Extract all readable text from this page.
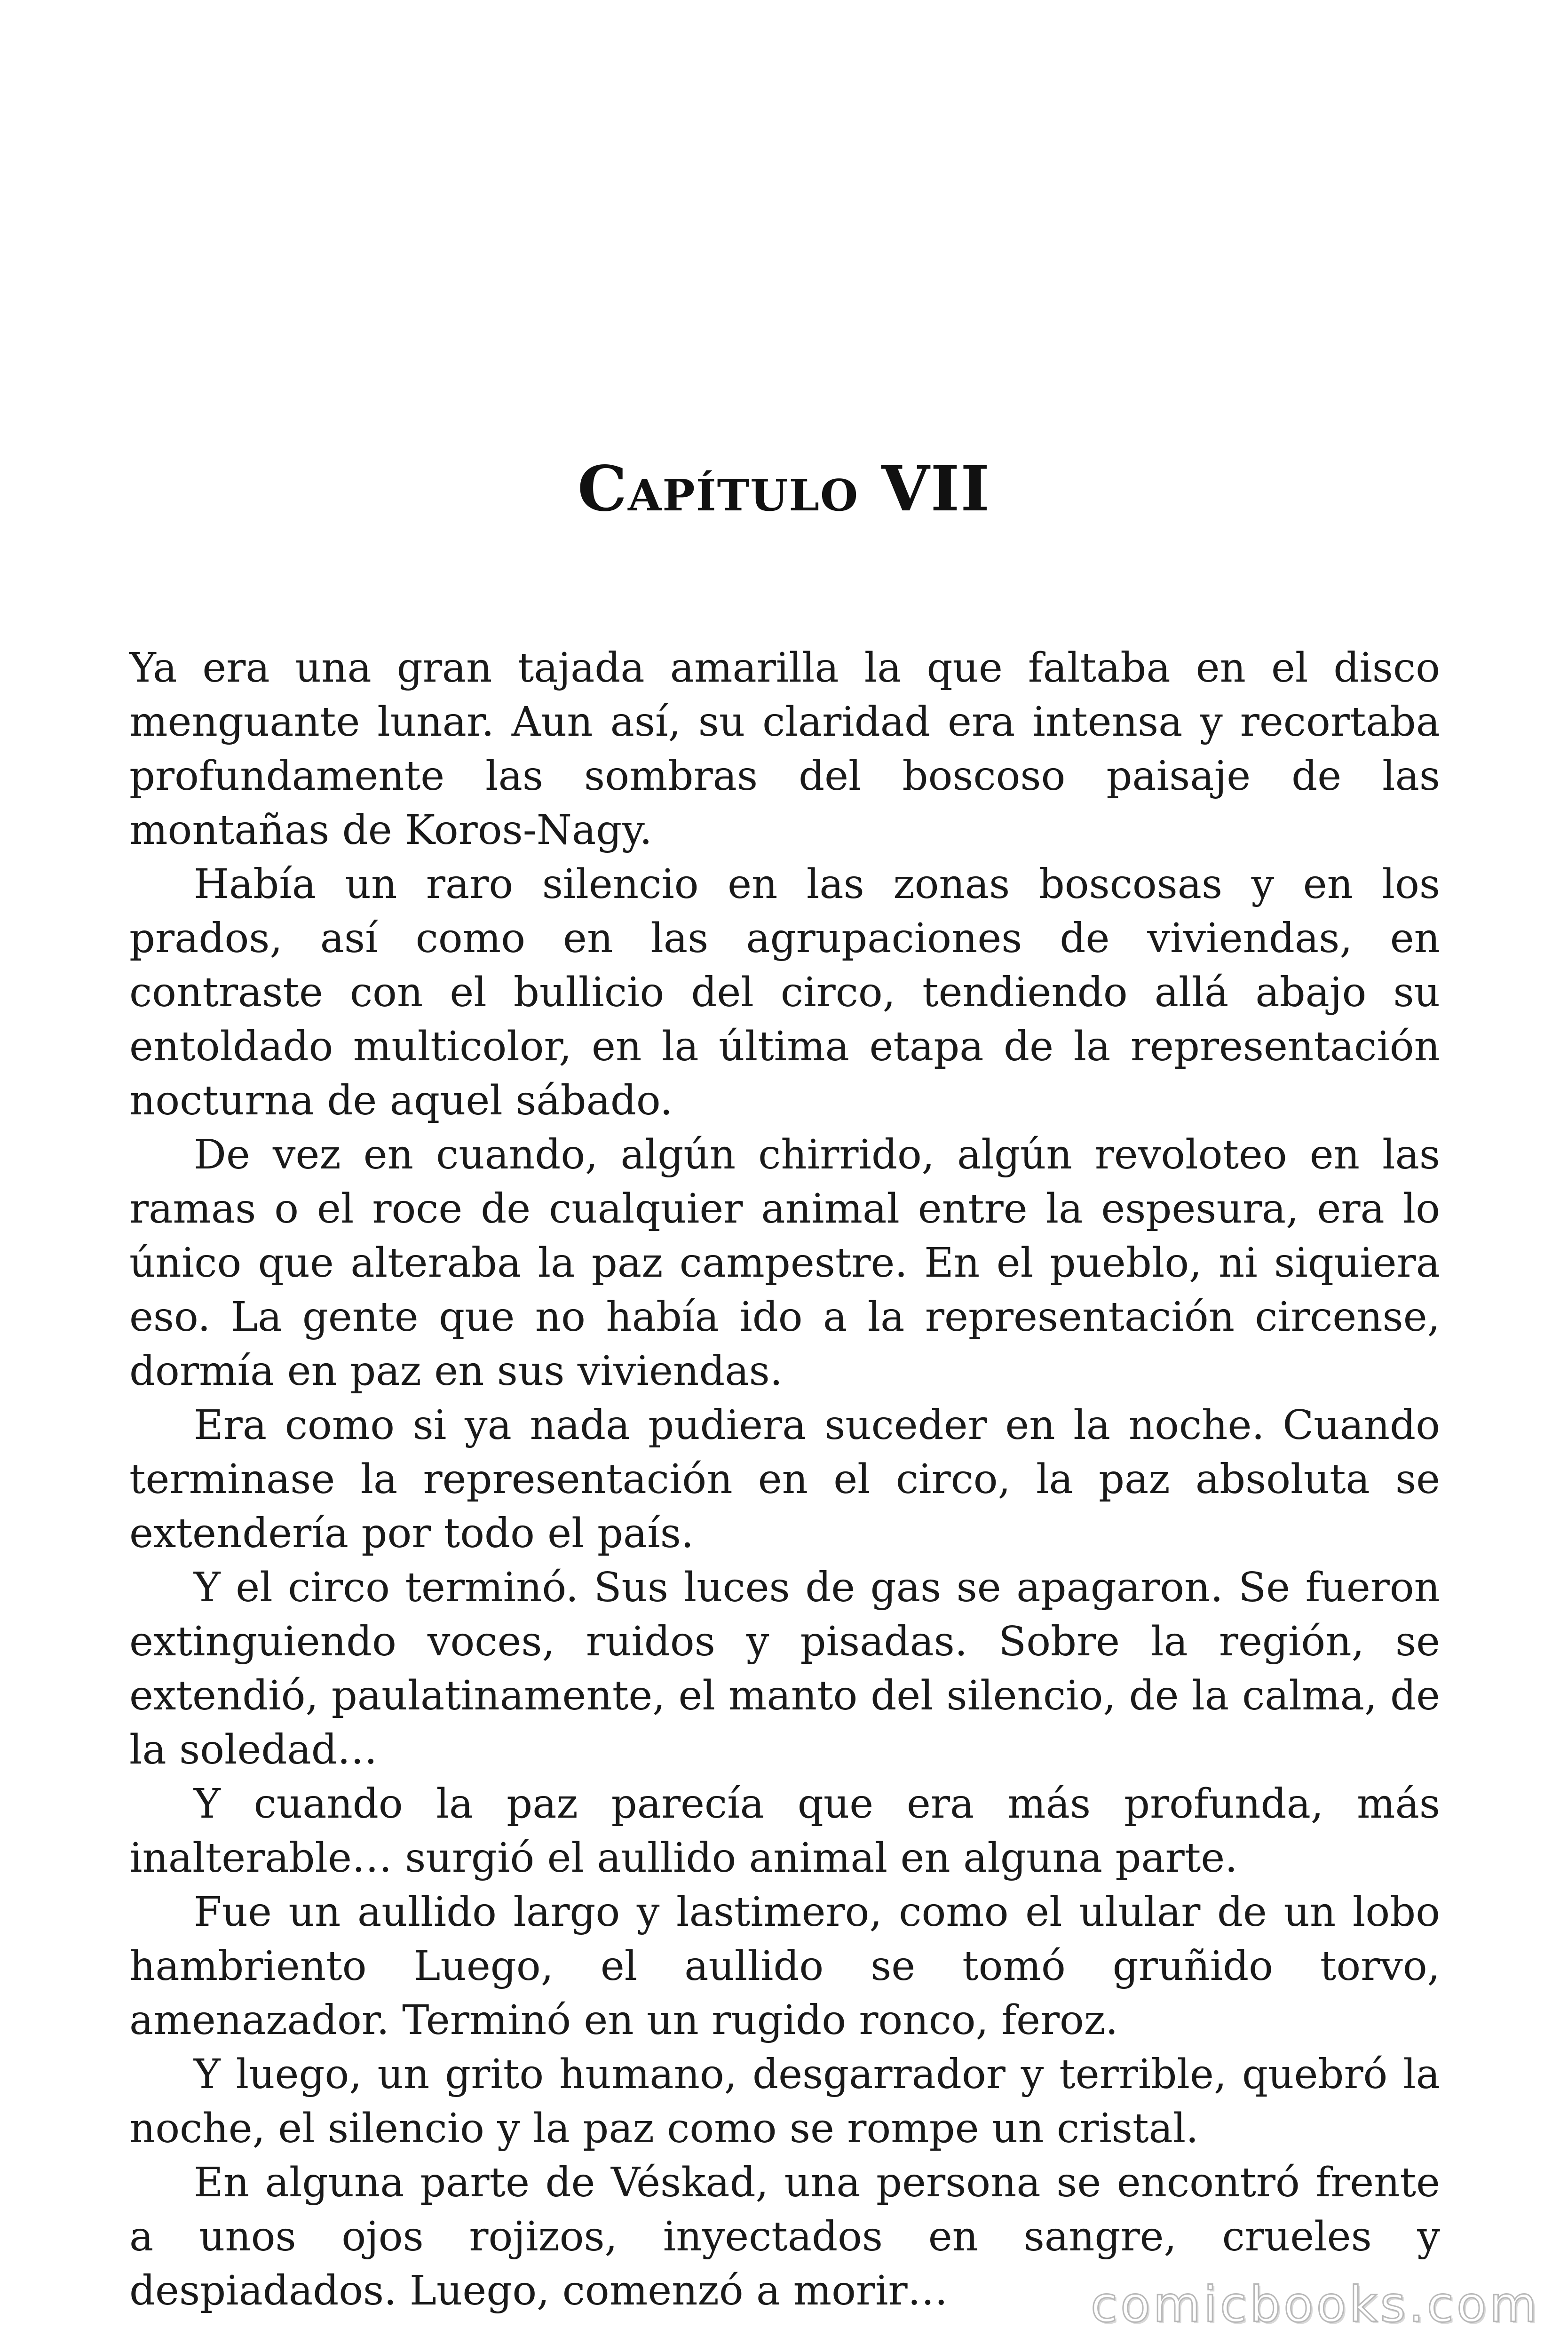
Capítulo VII

Ya era una gran tajada amarilla la que faltaba en el disco menguante lunar. Aun así, su claridad era intensa y recortaba profundamente las sombras del boscoso paisaje de las montañas de Koros-Nagy.

Había un raro silencio en las zonas boscosas y en los prados, así como en las agrupaciones de viviendas, en contraste con el bullicio del circo, tendiendo allá abajo su entoldado multicolor, en la última etapa de la representación nocturna de aquel sábado.

De vez en cuando, algún chirrido, algún revoloteo en las ramas o el roce de cualquier animal entre la espesura, era lo único que alteraba la paz campestre. En el pueblo, ni siquiera eso. La gente que no había ido a la representación circense, dormía en paz en sus viviendas.

Era como si ya nada pudiera suceder en la noche. Cuando terminase la representación en el circo, la paz absoluta se extendería por todo el país.

Y el circo terminó. Sus luces de gas se apagaron. Se fueron extinguiendo voces, ruidos y pisadas. Sobre la región, se extendió, paulatinamente, el manto del silencio, de la calma, de la soledad…

Y cuando la paz parecía que era más profunda, más inalterable… surgió el aullido animal en alguna parte.

Fue un aullido largo y lastimero, como el ulular de un lobo hambriento Luego, el aullido se tomó gruñido torvo, amenazador. Terminó en un rugido ronco, feroz.

Y luego, un grito humano, desgarrador y terrible, quebró la noche, el silencio y la paz como se rompe un cristal.

En alguna parte de Véskad, una persona se encontró frente a unos ojos rojizos, inyectados en sangre, crueles y despiadados. Luego, comenzó a morir…	comicbooks.com
